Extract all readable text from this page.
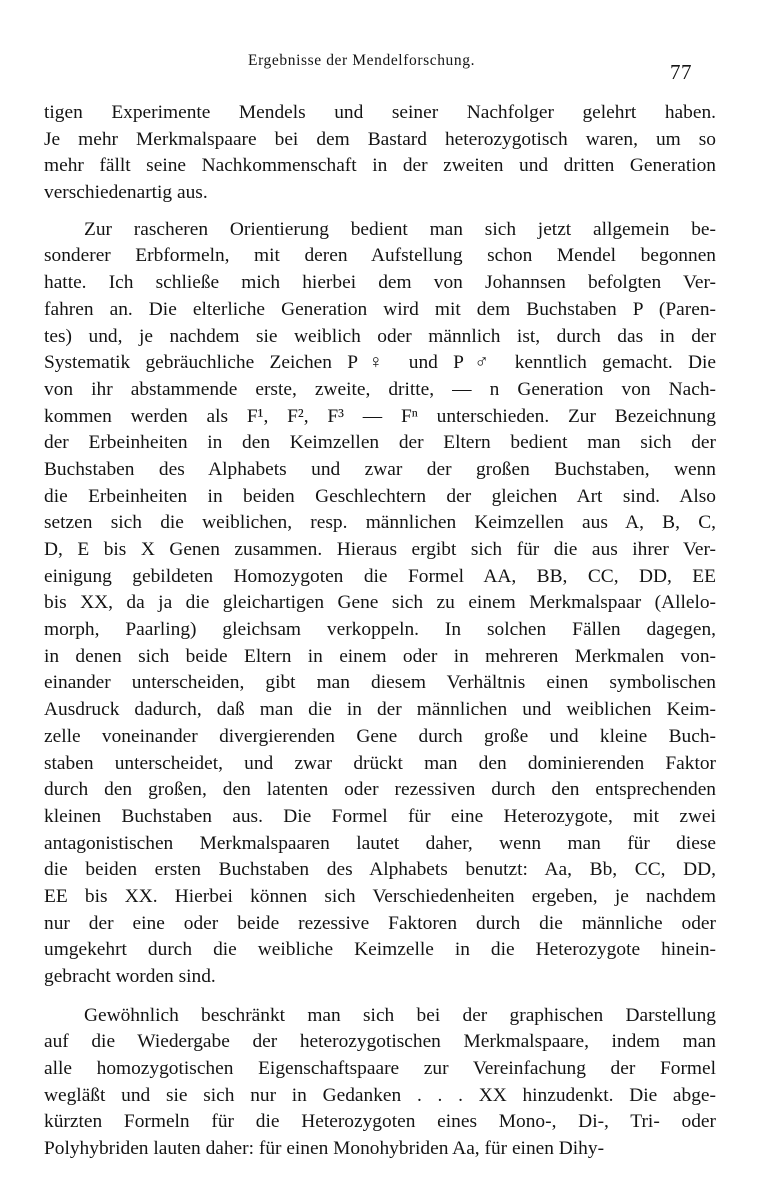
Ergebnisse der Mendelforschung.	77
tigen Experimente Mendels und seiner Nachfolger gelehrt haben.
Je mehr Merkmalspaare bei dem Bastard heterozygotisch waren, um so
mehr fällt seine Nachkommenschaft in der zweiten und dritten Generation
verschiedenartig aus.
Zur rascheren Orientierung bedient man sich jetzt allgemein be-
sonderer Erbformeln, mit deren Aufstellung schon Mendel begonnen
hatte. Ich schließe mich hierbei dem von Johannsen befolgten Ver-
fahren an. Die elterliche Generation wird mit dem Buchstaben P (Paren-
tes) und, je nachdem sie weiblich oder männlich ist, durch das in der
Systematik gebräuchliche Zeichen P♀ und P♂ kenntlich gemacht. Die
von ihr abstammende erste, zweite, dritte, — n Generation von Nach-
kommen werden als F¹, F², F³ — Fⁿ unterschieden. Zur Bezeichnung
der Erbeinheiten in den Keimzellen der Eltern bedient man sich der
Buchstaben des Alphabets und zwar der großen Buchstaben, wenn
die Erbeinheiten in beiden Geschlechtern der gleichen Art sind. Also
setzen sich die weiblichen, resp. männlichen Keimzellen aus A, B, C,
D, E bis X Genen zusammen. Hieraus ergibt sich für die aus ihrer Ver-
einigung gebildeten Homozygoten die Formel AA, BB, CC, DD, EE
bis XX, da ja die gleichartigen Gene sich zu einem Merkmalspaar (Allelo-
morph, Paarling) gleichsam verkoppeln. In solchen Fällen dagegen,
in denen sich beide Eltern in einem oder in mehreren Merkmalen von-
einander unterscheiden, gibt man diesem Verhältnis einen symbolischen
Ausdruck dadurch, daß man die in der männlichen und weiblichen Keim-
zelle voneinander divergierenden Gene durch große und kleine Buch-
staben unterscheidet, und zwar drückt man den dominierenden Faktor
durch den großen, den latenten oder rezessiven durch den entsprechenden
kleinen Buchstaben aus. Die Formel für eine Heterozygote, mit zwei
antagonistischen Merkmalspaaren lautet daher, wenn man für diese
die beiden ersten Buchstaben des Alphabets benutzt: Aa, Bb, CC, DD,
EE bis XX. Hierbei können sich Verschiedenheiten ergeben, je nachdem
nur der eine oder beide rezessive Faktoren durch die männliche oder
umgekehrt durch die weibliche Keimzelle in die Heterozygote hinein-
gebracht worden sind.
Gewöhnlich beschränkt man sich bei der graphischen Darstellung
auf die Wiedergabe der heterozygotischen Merkmalspaare, indem man
alle homozygotischen Eigenschaftspaare zur Vereinfachung der Formel
wegläßt und sie sich nur in Gedanken . . . XX hinzudenkt. Die abge-
kürzten Formeln für die Heterozygoten eines Mono-, Di-, Tri- oder
Polyhybriden lauten daher: für einen Monohybriden Aa, für einen Dihy-
